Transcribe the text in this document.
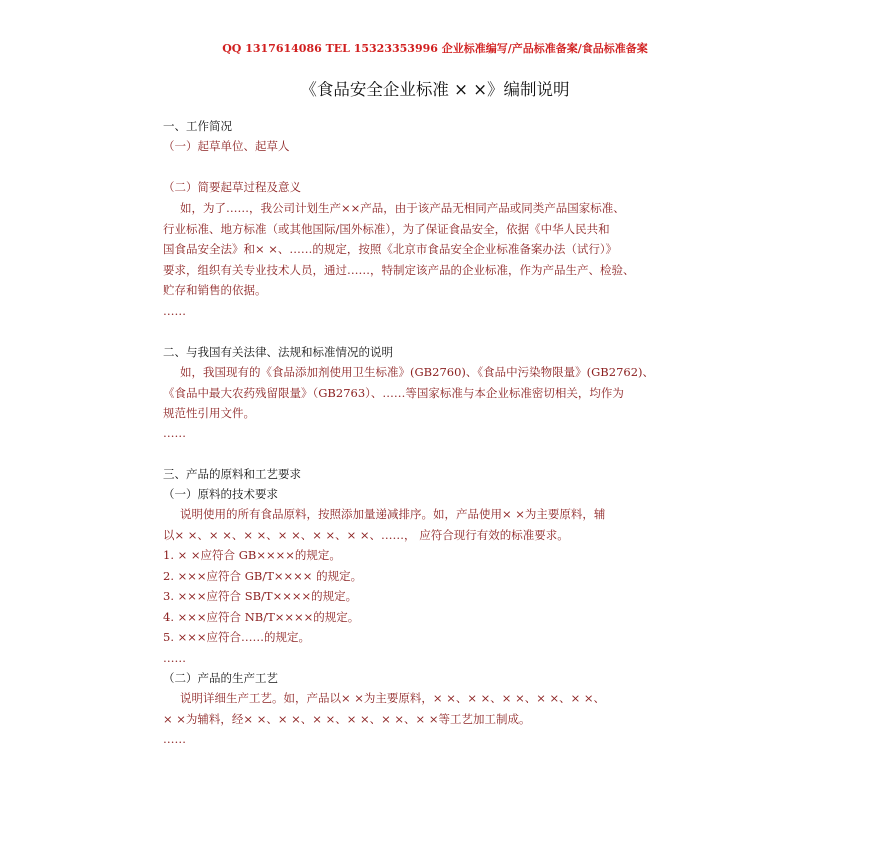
QQ 1317614086 TEL 15323353996 企业标准编写/产品标准备案/食品标准备案
《食品安全企业标准 × ×》编制说明
一、工作简况
（一）起草单位、起草人
（二）简要起草过程及意义
如，为了……，我公司计划生产××产品，由于该产品无相同产品或同类产品国家标准、
行业标准、地方标准（或其他国际/国外标准），为了保证食品安全，依据《中华人民共和
国食品安全法》和× ×、……的规定，按照《北京市食品安全企业标准备案办法（试行）》
要求，组织有关专业技术人员，通过……，特制定该产品的企业标准，作为产品生产、检验、
贮存和销售的依据。
……
二、与我国有关法律、法规和标准情况的说明
如，我国现有的《食品添加剂使用卫生标准》(GB2760)、《食品中污染物限量》(GB2762)、
《食品中最大农药残留限量》（GB2763）、……等国家标准与本企业标准密切相关，均作为
规范性引用文件。
……
三、产品的原料和工艺要求
（一）原料的技术要求
说明使用的所有食品原料，按照添加量递减排序。如，产品使用× ×为主要原料，辅
以× ×、× ×、× ×、× ×、× ×、× ×、……， 应符合现行有效的标准要求。
1. × ×应符合 GB××××的规定。
2. ×××应符合 GB/T×××× 的规定。
3. ×××应符合 SB/T××××的规定。
4. ×××应符合 NB/T××××的规定。
5. ×××应符合……的规定。
……
（二）产品的生产工艺
说明详细生产工艺。如，产品以× ×为主要原料，× ×、× ×、× ×、× ×、× ×、
× ×为辅料，经× ×、× ×、× ×、× ×、× ×、× ×等工艺加工制成。
……
